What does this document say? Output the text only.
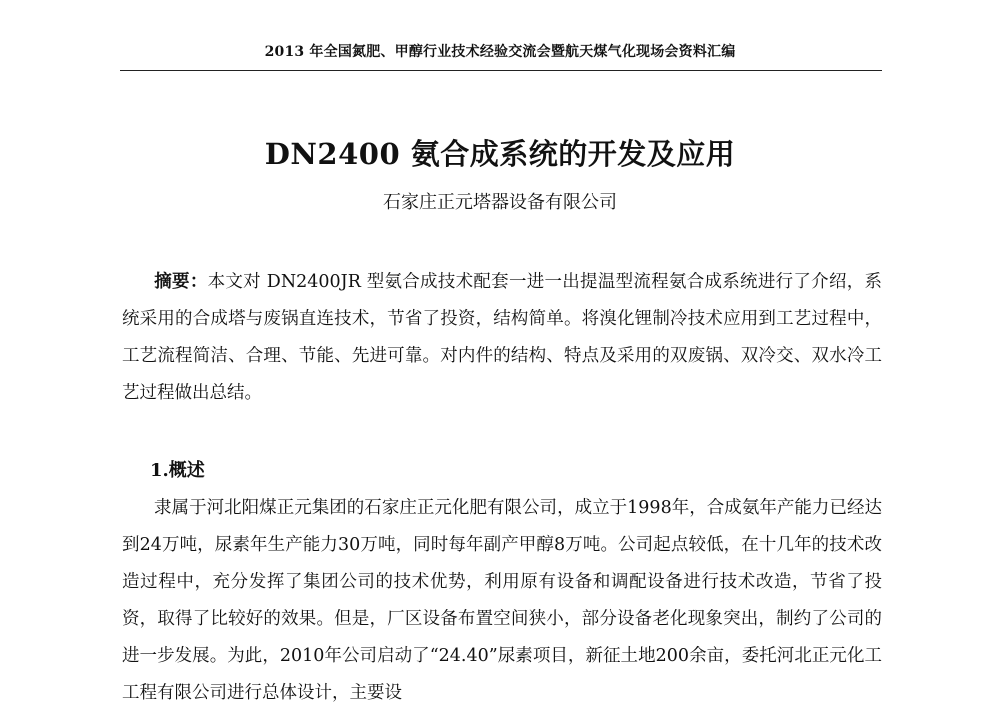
2013 年全国氮肥、甲醇行业技术经验交流会暨航天煤气化现场会资料汇编
DN2400 氨合成系统的开发及应用
石家庄正元塔器设备有限公司
摘要：本文对 DN2400JR 型氨合成技术配套一进一出提温型流程氨合成系统进行了介绍，系统采用的合成塔与废锅直连技术，节省了投资，结构简单。将溴化锂制冷技术应用到工艺过程中，工艺流程简洁、合理、节能、先进可靠。对内件的结构、特点及采用的双废锅、双冷交、双水冷工艺过程做出总结。
1.概述
隶属于河北阳煤正元集团的石家庄正元化肥有限公司，成立于1998年，合成氨年产能力已经达到24万吨，尿素年生产能力30万吨，同时每年副产甲醇8万吨。公司起点较低，在十几年的技术改造过程中，充分发挥了集团公司的技术优势，利用原有设备和调配设备进行技术改造，节省了投资，取得了比较好的效果。但是，厂区设备布置空间狭小，部分设备老化现象突出，制约了公司的进一步发展。为此，2010年公司启动了“24.40”尿素项目，新征土地200余亩，委托河北正元化工工程有限公司进行总体设计，主要设
